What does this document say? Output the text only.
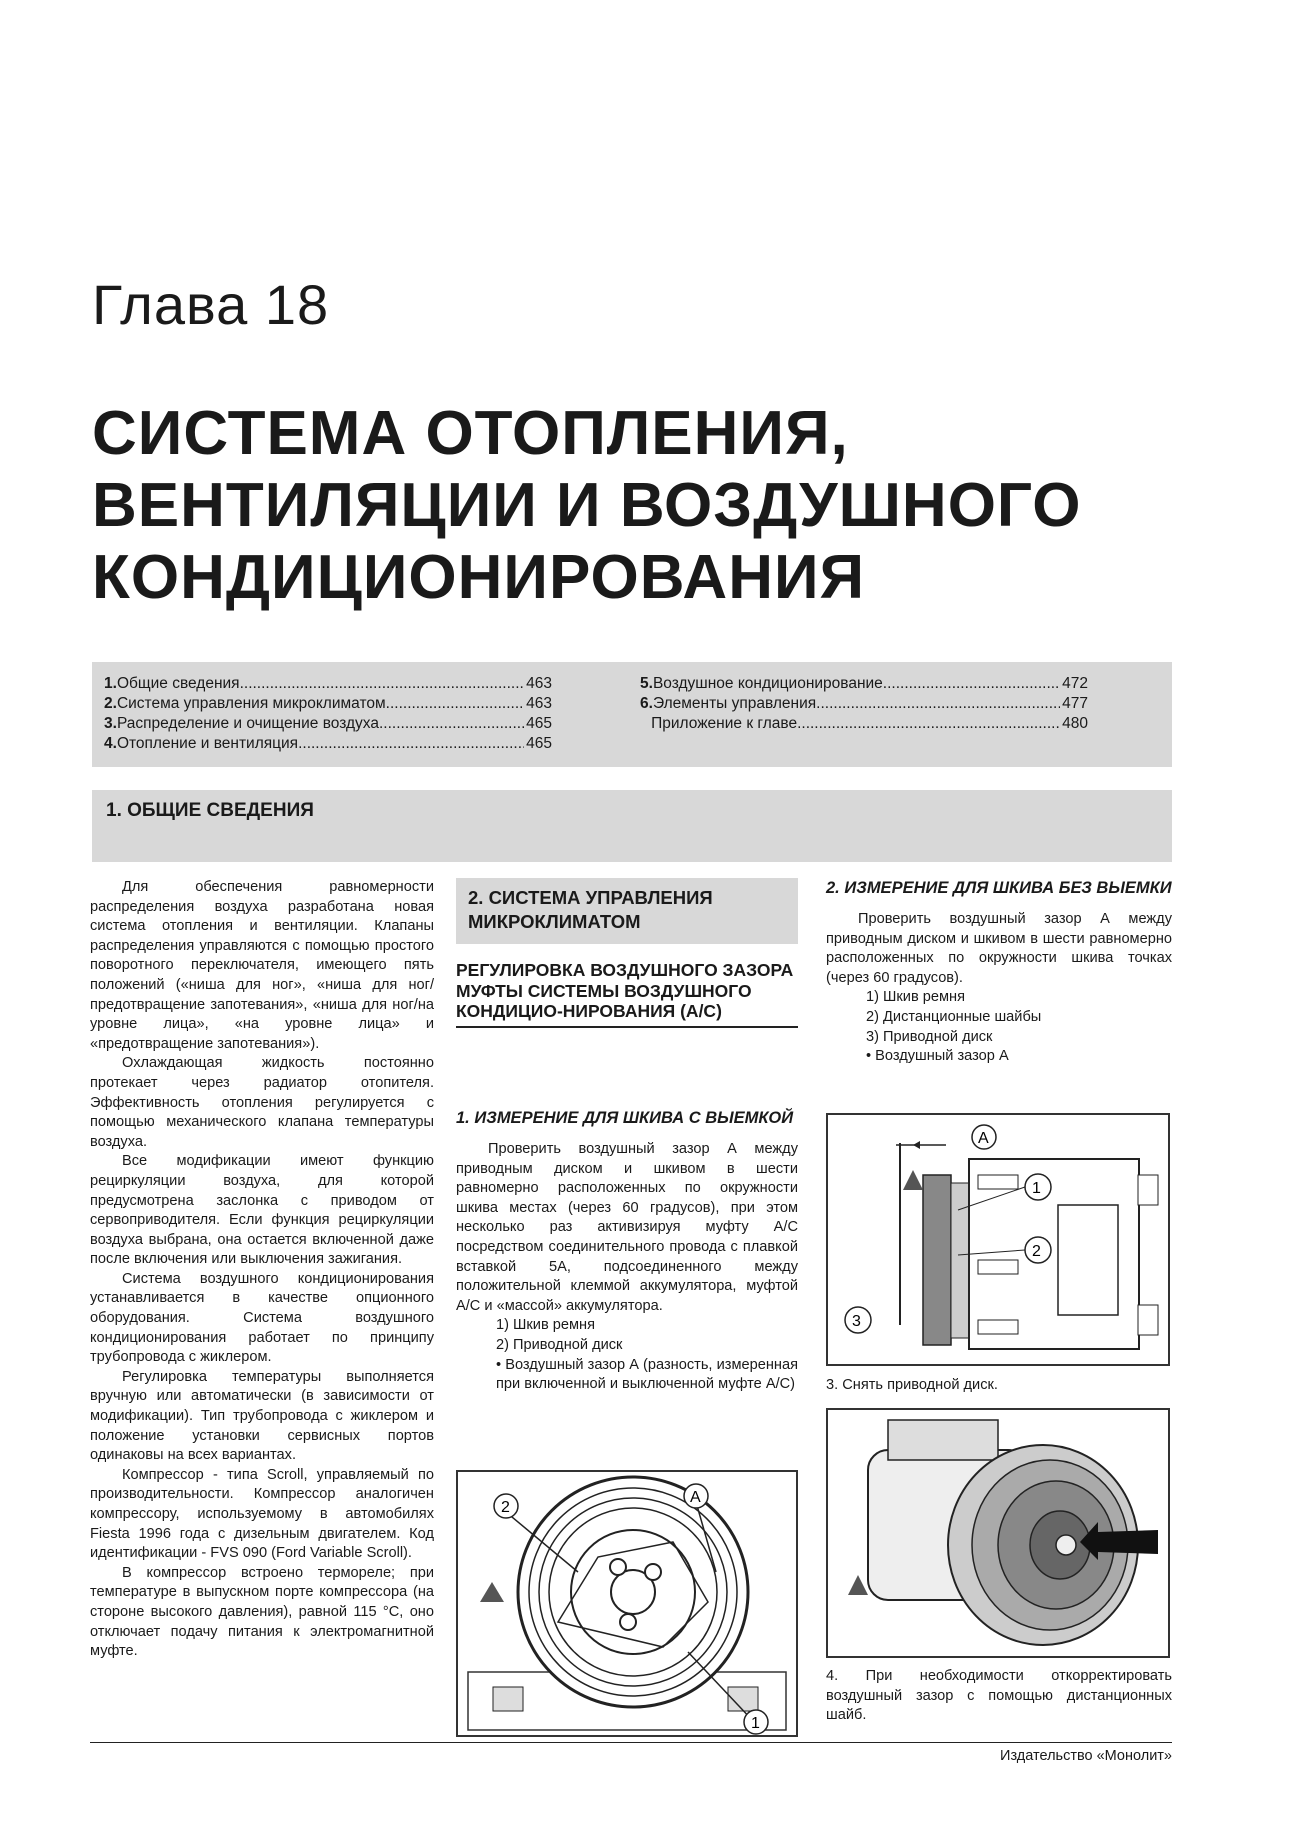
Глава 18
СИСТЕМА ОТОПЛЕНИЯ,
ВЕНТИЛЯЦИИ И ВОЗДУШНОГО
КОНДИЦИОНИРОВАНИЯ
1. Общие сведения .....	463
2. Система управления микроклиматом .....	463
3. Распределение и очищение воздуха .....	465
4. Отопление и вентиляция .....	465
5. Воздушное кондиционирование .....	472
6. Элементы управления .....	477
Приложение к главе .....	480
1. ОБЩИЕ СВЕДЕНИЯ

Для обеспечения равномерности распределения воздуха разработана новая система отопления и вентиляции. Клапаны распределения управляются с помощью простого поворотного переключателя, имеющего пять положений («ниша для ног», «ниша для ног/предотвращение запотевания», «ниша для ног/на уровне лица», «на уровне лица» и «предотвращение запотевания»).

Охлаждающая жидкость постоянно протекает через радиатор отопителя. Эффективность отопления регулируется с помощью механического клапана температуры воздуха.

Все модификации имеют функцию рециркуляции воздуха, для которой предусмотрена заслонка с приводом от сервоприводителя. Если функция рециркуляции воздуха выбрана, она остается включенной даже после включения или выключения зажигания.

Система воздушного кондиционирования устанавливается в качестве опционного оборудования. Система воздушного кондиционирования работает по принципу трубопровода с жиклером.

Регулировка температуры выполняется вручную или автоматически (в зависимости от модификации). Тип трубопровода с жиклером и положение установки сервисных портов одинаковы на всех вариантах.

Компрессор - типа Scroll, управляемый по производительности. Компрессор аналогичен компрессору, используемому в автомобилях Fiesta 1996 года с дизельным двигателем. Код идентификации - FVS 090 (Ford Variable Scroll).

В компрессор встроено термореле; при температуре в выпускном порте компрессора (на стороне высокого давления), равной 115 °С, оно отключает подачу питания к электромагнитной муфте.

2. СИСТЕМА УПРАВЛЕНИЯ МИКРОКЛИМАТОМ
РЕГУЛИРОВКА ВОЗДУШНОГО ЗАЗОРА МУФТЫ СИСТЕМЫ ВОЗДУШНОГО КОНДИЦИО-НИРОВАНИЯ (А/С)
1. ИЗМЕРЕНИЕ ДЛЯ ШКИВА С ВЫЕМКОЙ

Проверить воздушный зазор А между приводным диском и шкивом в шести равномерно расположенных по окружности шкива местах (через 60 градусов), при этом несколько раз активизируя муфту А/С посредством соединительного провода с плавкой вставкой 5А, подсоединенного между положительной клеммой аккумулятора, муфтой А/С и «массой» аккумулятора.

1) Шкив ремня

2) Приводной диск

• Воздушный зазор А (разность, измеренная при включенной и выключенной муфте А/С)

2
A
1
2. ИЗМЕРЕНИЕ ДЛЯ ШКИВА БЕЗ ВЫЕМКИ

Проверить воздушный зазор А между приводным диском и шкивом в шести равномерно расположенных по окружности шкива точках (через 60 градусов).

1) Шкив ремня

2) Дистанционные шайбы

3) Приводной диск

• Воздушный зазор А

A
1
2
3
3. Снять приводной диск.
4. При необходимости откорректировать воздушный зазор с помощью дистанционных шайб.
Издательство «Монолит»
